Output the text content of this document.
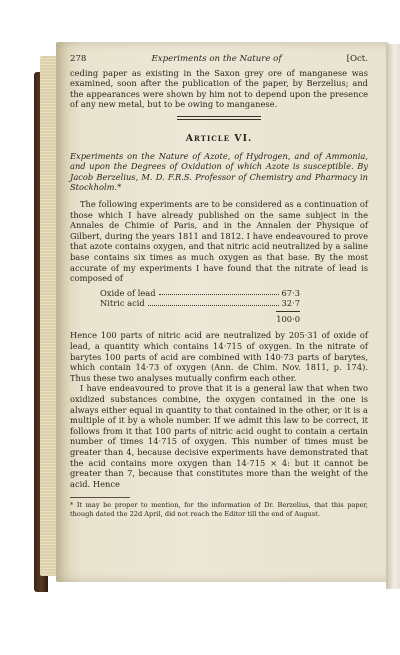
278	Experiments on the Nature of	[Oct.

ceding paper as existing in the Saxon grey ore of manganese was examined, soon after the publication of the paper, by Berzelius; and the appearances were shown by him not to depend upon the presence of any new metal, but to be owing to manganese.

Article VI.

Experiments on the Nature of Azote, of Hydrogen, and of Ammonia, and upon the Degrees of Oxidation of which Azote is susceptible. By Jacob Berzelius, M. D. F.R.S. Professor of Chemistry and Pharmacy in Stockholm.*

The following experiments are to be considered as a continuation of those which I have already published on the same subject in the Annales de Chimie of Paris, and in the Annalen der Physique of Gilbert, during the years 1811 and 1812. I have endeavoured to prove that azote contains oxygen, and that nitric acid neutralized by a saline base contains six times as much oxygen as that base. By the most accurate of my experiments I have found that the nitrate of lead is composed of

Oxide of lead	67·3
Nitric acid	32·7
100·0

Hence 100 parts of nitric acid are neutralized by 205·31 of oxide of lead, a quantity which contains 14·715 of oxygen. In the nitrate of barytes 100 parts of acid are combined with 140·73 parts of barytes, which contain 14·73 of oxygen (Ann. de Chim. Nov. 1811, p. 174). Thus these two analyses mutually confirm each other.

I have endeavoured to prove that it is a general law that when two oxidized substances combine, the oxygen contained in the one is always either equal in quantity to that contained in the other, or it is a multiple of it by a whole number. If we admit this law to be correct, it follows from it that 100 parts of nitric acid ought to contain a certain number of times 14·715 of oxygen. This number of times must be greater than 4, because decisive experiments have demonstrated that the acid contains more oxygen than 14·715 × 4: but it cannot be greater than 7, because that constitutes more than the weight of the acid. Hence

* It may be proper to mention, for the information of Dr. Berzelius, that this paper, though dated the 22d April, did not reach the Editor till the end of August.
